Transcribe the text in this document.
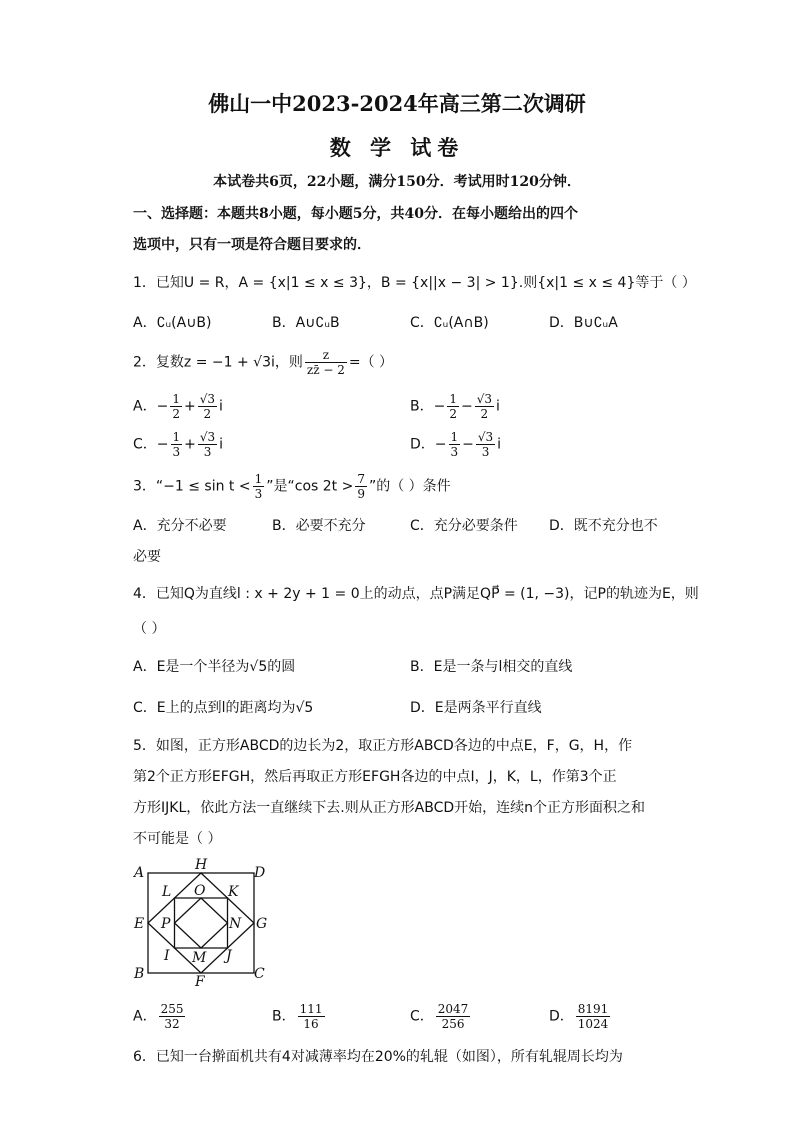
佛山一中2023-2024年高三第二次调研
数 学 试卷
本试卷共6页，22小题，满分150分．考试用时120分钟．
一、选择题：本题共8小题，每小题5分，共40分．在每小题给出的四个
选项中，只有一项是符合题目要求的．
1．已知U = R，A = {x|1 ≤ x ≤ 3}，B = {x||x − 3| > 1}.则{x|1 ≤ x ≤ 4}等于（ ）
A．∁ᵤ(A∪B)	B．A∪∁ᵤB	C．∁ᵤ(A∩B)	D．B∪∁ᵤA
2．复数z = −1 + √3i，则 $\frac{z}{zz̄ - 2}$ =（ ）
A．− $\frac{1}{2} + \frac{√3}{2}$ i	B．− $\frac{1}{2} - \frac{√3}{2}$ i
C．− $\frac{1}{3} + \frac{√3}{3}$ i	D．− $\frac{1}{3} - \frac{√3}{3}$ i
3．“$-1 \le \sin t < \frac{1}{3}$ ”是“cos $2t > \frac{7}{9}$ ”的（ ）条件
A．充分不必要	B．必要不充分	C．充分必要条件 D．既不充分也不
必要
4．已知Q为直线l : x + 2y + 1 = 0上的动点，点P满足QP⃗ = (1, −3)，记P的轨迹为E，则
（ ）
A．E是一个半径为√5的圆	B．E是一条与l相交的直线
C．E上的点到l的距离均为√5	D．E是两条平行直线
5．如图，正方形ABCD的边长为2，取正方形ABCD各边的中点E，F，G，H，作
第2个正方形EFGH，然后再取正方形EFGH各边的中点I，J，K，L，作第3个正
方形IJKL，依此方法一直继续下去.则从正方形ABCD开始，连续n个正方形面积之和
不可能是（ ）
A	D
B	C
H
F
E	G
L	K
I	J
O
M
P	N
A． $\frac{255}{32}$	B． $\frac{111}{16}$	C． $\frac{2047}{256}$	D． $\frac{8191}{1024}$
6．已知一台擀面机共有4对减薄率均在20%的轧辊（如图），所有轧辊周长均为
